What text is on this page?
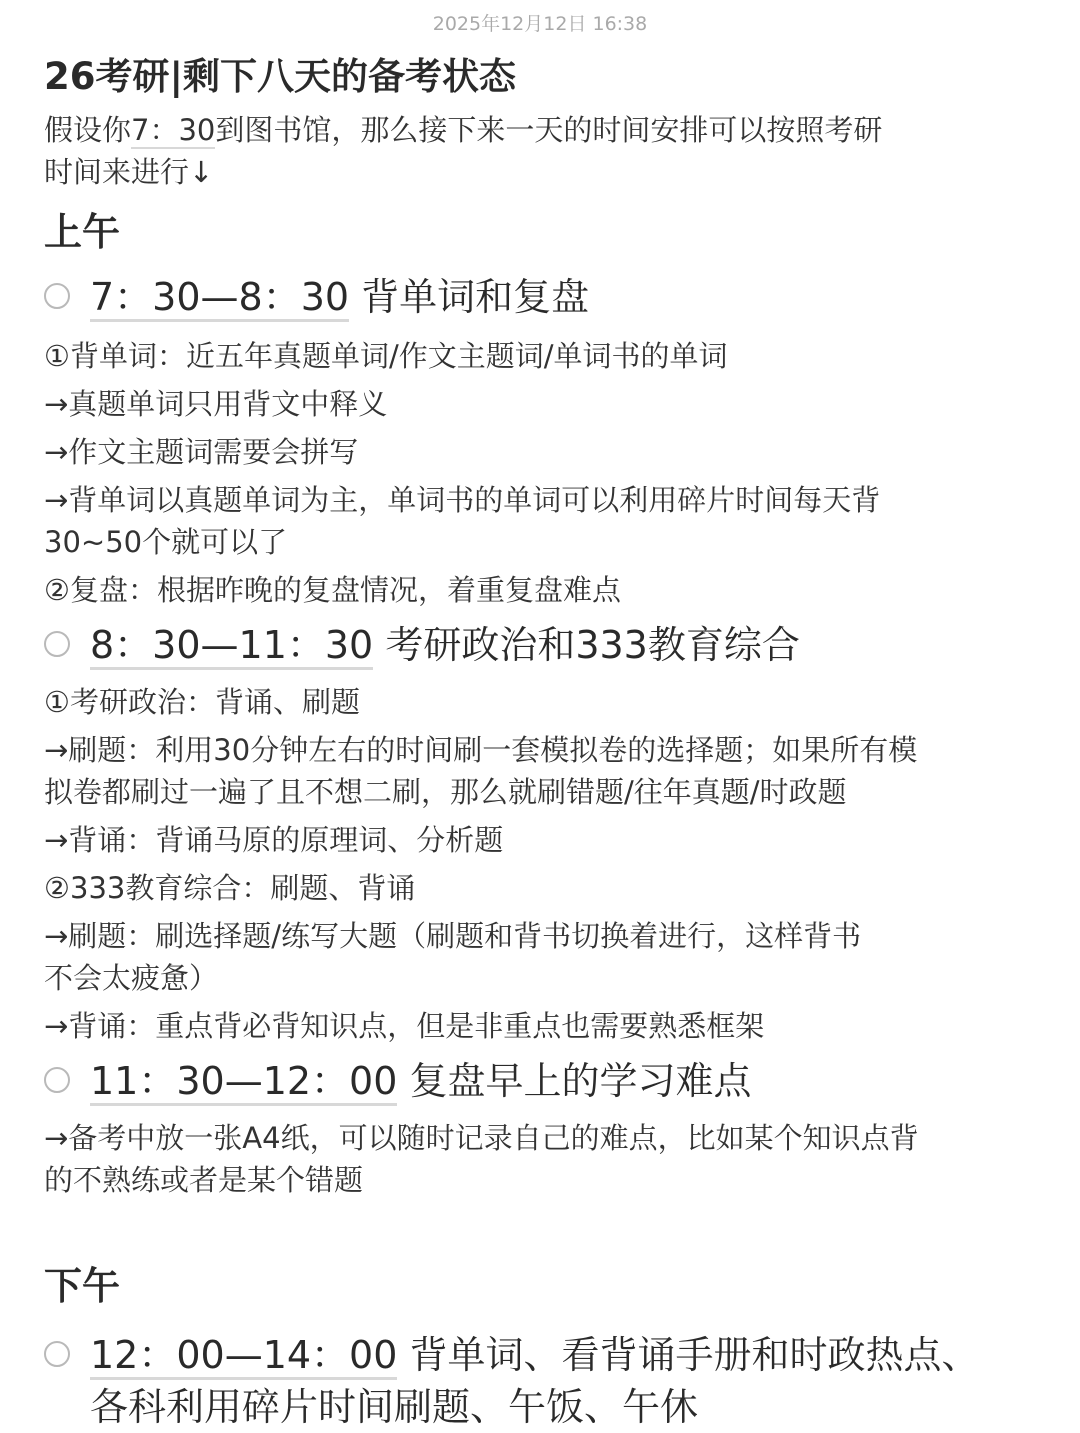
2025年12月12日 16:38
26考研|剩下八天的备考状态
假设你7：30到图书馆，那么接下来一天的时间安排可以按照考研
时间来进行↓
上午
7：30—8：30 背单词和复盘
①背单词：近五年真题单词/作文主题词/单词书的单词
→真题单词只用背文中释义
→作文主题词需要会拼写
→背单词以真题单词为主，单词书的单词可以利用碎片时间每天背
30~50个就可以了
②复盘：根据昨晚的复盘情况，着重复盘难点
8：30—11：30 考研政治和333教育综合
①考研政治：背诵、刷题
→刷题：利用30分钟左右的时间刷一套模拟卷的选择题；如果所有模
拟卷都刷过一遍了且不想二刷，那么就刷错题/往年真题/时政题
→背诵：背诵马原的原理词、分析题
②333教育综合：刷题、背诵
→刷题：刷选择题/练写大题（刷题和背书切换着进行，这样背书
不会太疲惫）
→背诵：重点背必背知识点，但是非重点也需要熟悉框架
11：30—12：00 复盘早上的学习难点
→备考中放一张A4纸，可以随时记录自己的难点，比如某个知识点背
的不熟练或者是某个错题
下午
12：00—14：00 背单词、看背诵手册和时政热点、
各科利用碎片时间刷题、午饭、午休
